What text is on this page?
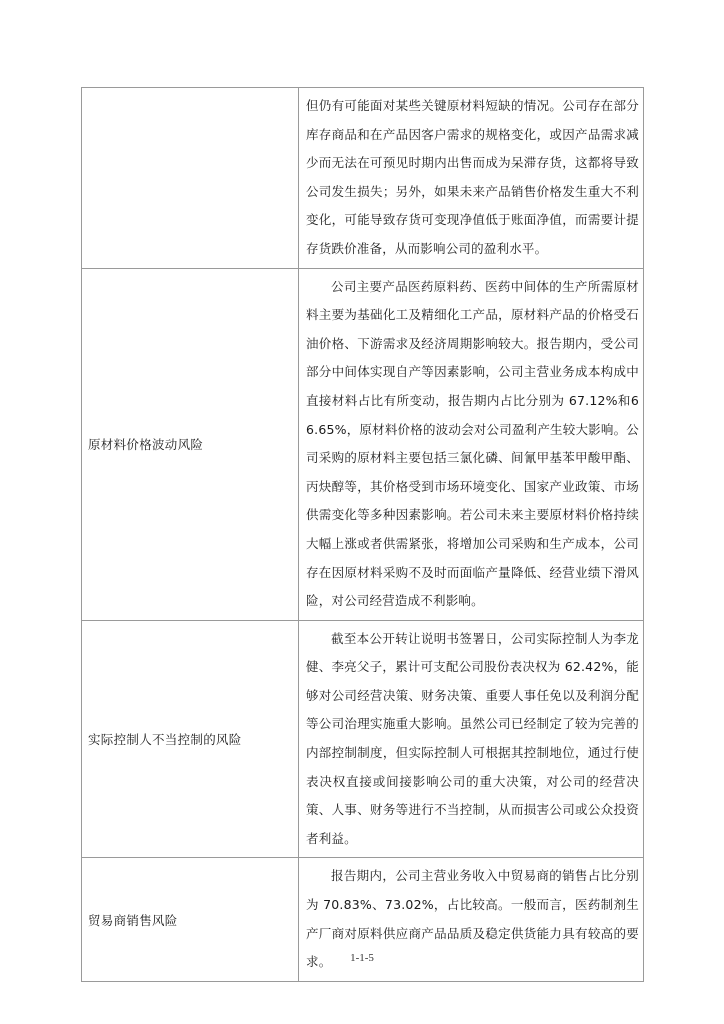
	但仍有可能面对某些关键原材料短缺的情况。公司存在部分库存商品和在产品因客户需求的规格变化，或因产品需求减少而无法在可预见时期内出售而成为呆滞存货，这都将导致公司发生损失；另外，如果未来产品销售价格发生重大不利变化，可能导致存货可变现净值低于账面净值，而需要计提存货跌价准备，从而影响公司的盈利水平。

原材料价格波动风险	公司主要产品医药原料药、医药中间体的生产所需原材料主要为基础化工及精细化工产品，原材料产品的价格受石油价格、下游需求及经济周期影响较大。报告期内，受公司部分中间体实现自产等因素影响，公司主营业务成本构成中直接材料占比有所变动，报告期内占比分别为 67.12%和66.65%，原材料价格的波动会对公司盈利产生较大影响。公司采购的原材料主要包括三氯化磷、间氰甲基苯甲酸甲酯、丙炔醇等，其价格受到市场环境变化、国家产业政策、市场供需变化等多种因素影响。若公司未来主要原材料价格持续大幅上涨或者供需紧张，将增加公司采购和生产成本，公司存在因原材料采购不及时而面临产量降低、经营业绩下滑风险，对公司经营造成不利影响。

实际控制人不当控制的风险	截至本公开转让说明书签署日，公司实际控制人为李龙健、李亮父子，累计可支配公司股份表决权为 62.42%，能够对公司经营决策、财务决策、重要人事任免以及利润分配等公司治理实施重大影响。虽然公司已经制定了较为完善的内部控制制度，但实际控制人可根据其控制地位，通过行使表决权直接或间接影响公司的重大决策，对公司的经营决策、人事、财务等进行不当控制，从而损害公司或公众投资者利益。

贸易商销售风险	报告期内，公司主营业务收入中贸易商的销售占比分别为 70.83%、73.02%，占比较高。一般而言，医药制剂生产厂商对原料供应商产品品质及稳定供货能力具有较高的要求。	1-1-5
